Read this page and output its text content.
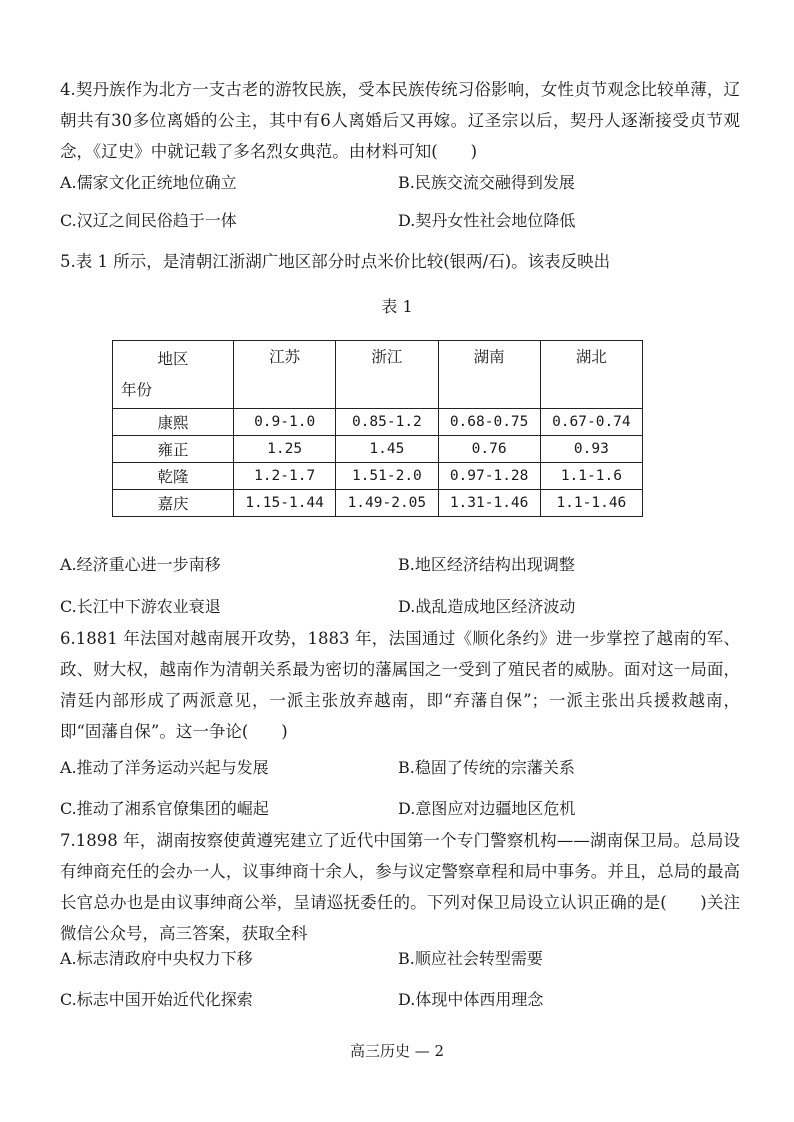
4.契丹族作为北方一支古老的游牧民族，受本民族传统习俗影响，女性贞节观念比较单薄，辽朝共有30多位离婚的公主，其中有6人离婚后又再嫁。辽圣宗以后，契丹人逐渐接受贞节观念，《辽史》中就记载了多名烈女典范。由材料可知(　　)

A.儒家文化正统地位确立	B.民族交流交融得到发展
C.汉辽之间民俗趋于一体	D.契丹女性社会地位降低

5.表 1 所示，是清朝江浙湖广地区部分时点米价比较(银两/石)。该表反映出

表 1
地区
年份	江苏	浙江	湖南	湖北
康熙	0.9-1.0	0.85-1.2	0.68-0.75	0.67-0.74
雍正	1.25	1.45	0.76	0.93
乾隆	1.2-1.7	1.51-2.0	0.97-1.28	1.1-1.6
嘉庆	1.15-1.44	1.49-2.05	1.31-1.46	1.1-1.46
A.经济重心进一步南移	B.地区经济结构出现调整
C.长江中下游农业衰退	D.战乱造成地区经济波动

6.1881 年法国对越南展开攻势，1883 年，法国通过《顺化条约》进一步掌控了越南的军、政、财大权，越南作为清朝关系最为密切的藩属国之一受到了殖民者的威胁。面对这一局面，清廷内部形成了两派意见，一派主张放弃越南，即“弃藩自保”；一派主张出兵援救越南，即“固藩自保”。这一争论(　　)

A.推动了洋务运动兴起与发展	B.稳固了传统的宗藩关系
C.推动了湘系官僚集团的崛起	D.意图应对边疆地区危机

7.1898 年，湖南按察使黄遵宪建立了近代中国第一个专门警察机构——湖南保卫局。总局设有绅商充任的会办一人，议事绅商十余人，参与议定警察章程和局中事务。并且，总局的最高长官总办也是由议事绅商公举，呈请巡抚委任的。下列对保卫局设立认识正确的是(　　)关注微信公众号，高三答案，获取全科

A.标志清政府中央权力下移	B.顺应社会转型需要
C.标志中国开始近代化探索	D.体现中体西用理念
高三历史 — 2
